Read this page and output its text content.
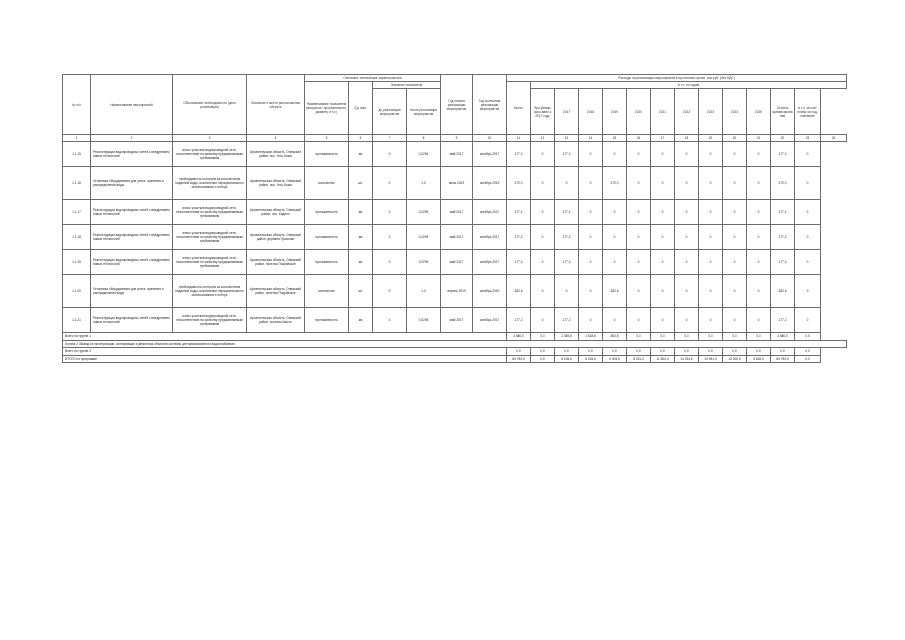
№ п/п	Наименование мероприятий	Обоснование необходимости (цель реализации)	Описание и место расположения объекта	Основные технические характеристики				Год начала реализации мероприятия	Год окончания реализации мероприятия	Расходы на реализацию мероприятий в прогнозных ценах, тыс.руб. (без НДС)													
				Наименование показателя (мощность, протяженность, диаметр и т.п.)	Ед. изм.	Значение показателя				Всего	в т.ч. по годам												
						до реализации мероприятия	после реализации мероприятия				Про-финан-сиро-вано к 2017 году	2017	2018	2019	2020	2021	2022	2023	2024	2025	Остаток финансирования	в т.ч. за счет платы за под-ключение	
1	2	3	4	5	6	7	8	9	10	11	12	13	14	15	16	17	18	19	20	21	22	23	24
1.1.15	Реконструкция водопроводных сетей с внедрением новых технологий	износ участков водопроводной сети, несоответствие по качеству предъявляемым требованиям	Архангельская область, Онежский район, пос. Усть-Кожа	протяженность	км	0	0,0294	май 2017	октябрь 2017	177,2	0	177,2	0	0	0	0	0	0	0	0	177,2	0	
1.1.16	Установка оборудования для учета, хранения и распределения воды	необходимость контроля за количеством поданной воды, исключение нерационального использования и потерь	Архангельская область, Онежский район, пос. Усть-Кожа	количество	шт.	0	1,0	июль 2019	октябрь 2019	270,0	0	0	0	270,0	0	0	0	0	0	0	270,0	0	
1.1.17	Реконструкция водопроводных сетей с внедрением новых технологий	износ участков водопроводной сети, несоответствие по качеству предъявляемым требованиям	Архангельская область, Онежский район, пос. Кодино	протяженность	км	0	0,0294	май 2017	октябрь 2017	177,2	0	177,2	0	0	0	0	0	0	0	0	177,2	0	
1.1.18	Реконструкция водопроводных сетей с внедрением новых технологий	износ участков водопроводной сети, несоответствие по качеству предъявляемым требованиям	Архангельская область, Онежский район, деревня Грихново	протяженность	км	0	0,0294	май 2017	октябрь 2017	177,2	0	177,2	0	0	0	0	0	0	0	0	177,2	0	
1.1.19	Реконструкция водопроводных сетей с внедрением новых технологий	износ участков водопроводной сети, несоответствие по качеству предъявляемым требованиям	Архангельская область, Онежский район, поселок Покровское	протяженность	км	0	0,0294	май 2017	октябрь 2017	177,2	0	177,2	0	0	0	0	0	0	0	0	177,2	0	
1.1.20	Установка оборудования для учета, хранения и распределения воды	необходимость контроля за количеством поданной воды, исключение нерационального использования и потерь	Архангельская область, Онежский район, поселок Покровское	количество	шт.	0	1,0	апрель 2019	октябрь 2019	282,6	0	0	0	282,6	0	0	0	0	0	0	282,6	0	
1.1.21	Реконструкция водопроводных сетей с внедрением новых технологий	износ участков водопроводной сети, несоответствие по качеству предъявляемым требованиям	Архангельская область, Онежский район, поселок Шасть	протяженность	км	0	0,0294	май 2017	октябрь 2017	177,2	0	177,2	0	0	0	0	0	0	0	0	177,2	0	
Всего по группе 1										4 580,0	0,0	2 355,6	1 618,6	552,6	0,0	0,0	0,0	0,0	0,0	0,0	4 580,0	0,0	
Группа 2. Вывод из эксплуатации, консервация и демонтаж объектов системы централизованного водоснабжения																							
Всего по группе 2										0,0	0,0	0,0	0,0	0,0	0,0	0,0	0,0	0,0	0,0	0,0	0,0	0,0	
ИТОГО по программе										80 783,9	0,0	8 126,6	6 216,6	9 403,5	8 231,2	11 804,4	14 234,6	10 941,0	10 200,0	5 626,0	80 783,9	0,0	
